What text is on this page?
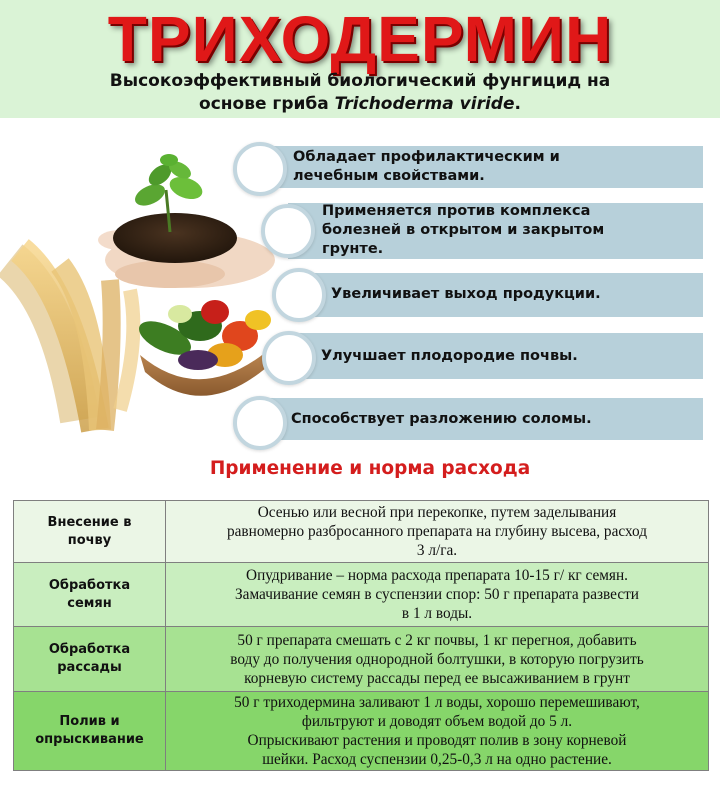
ТРИХОДЕРМИН
Высокоэффективный биологический фунгицид на
основе гриба Trichoderma viride.
Обладает профилактическим и
лечебным свойствами.
Применяется против комплекса
болезней в открытом и закрытом
грунте.
Увеличивает выход продукции.
Улучшает плодородие почвы.
Способствует разложению соломы.
Применение и норма расхода
Внесение в
почву	Осенью или весной при перекопке, путем заделывания
равномерно разбросанного препарата на глубину высева, расход
3 л/га.
Обработка
семян	Опудривание – норма расхода препарата 10-15 г/ кг семян.
Замачивание семян в суспензии спор: 50 г препарата развести
в 1 л воды.
Обработка
рассады	50 г препарата смешать с 2 кг почвы, 1 кг перегноя, добавить
воду до получения однородной болтушки, в которую погрузить
корневую систему рассады перед ее высаживанием в грунт
Полив и
опрыскивание	50 г триходермина заливают 1 л воды, хорошо перемешивают,
фильтруют и доводят объем водой до 5 л.
Опрыскивают растения и проводят полив в зону корневой
шейки. Расход суспензии 0,25-0,3 л на одно растение.
